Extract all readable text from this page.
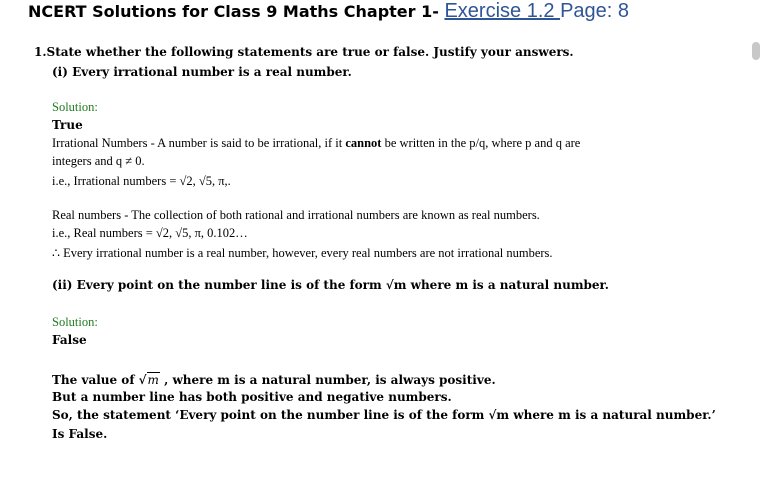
NCERT Solutions for Class 9 Maths Chapter 1- Exercise 1.2 Page: 8
1.State whether the following statements are true or false. Justify your answers.
(i) Every irrational number is a real number.
Solution:
True
Irrational Numbers - A number is said to be irrational, if it cannot be written in the p/q, where p and q are
integers and q ≠ 0.
i.e., Irrational numbers = √2, √5, π,.
Real numbers - The collection of both rational and irrational numbers are known as real numbers.
i.e., Real numbers = √2, √5, π, 0.102…
∴ Every irrational number is a real number, however, every real numbers are not irrational numbers.
(ii) Every point on the number line is of the form √m where m is a natural number.
Solution:
False
The value of √m , where m is a natural number, is always positive.
But a number line has both positive and negative numbers.
So, the statement ‘Every point on the number line is of the form √m where m is a natural number.’
Is False.
